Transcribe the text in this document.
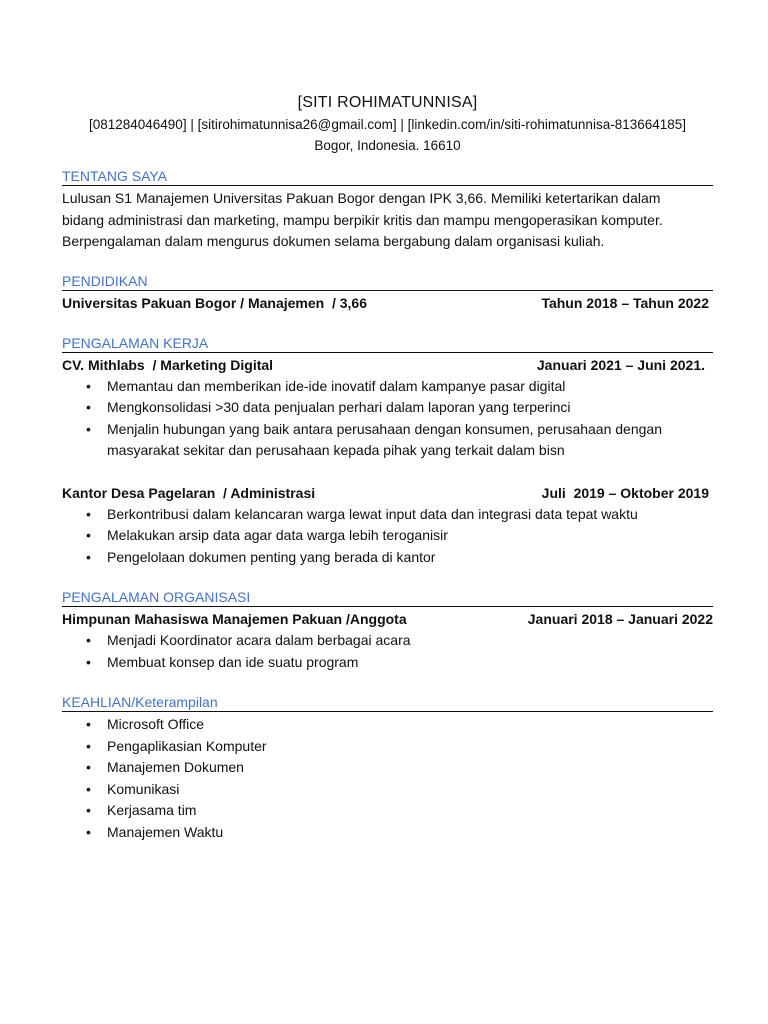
[SITI ROHIMATUNNISA]
[081284046490] | [sitirohimatunnisa26@gmail.com] | [linkedin.com/in/siti-rohimatunnisa-813664185]
Bogor, Indonesia. 16610
TENTANG SAYA
Lulusan S1 Manajemen Universitas Pakuan Bogor dengan IPK 3,66. Memiliki ketertarikan dalam
bidang administrasi dan marketing, mampu berpikir kritis dan mampu mengoperasikan komputer.
Berpengalaman dalam mengurus dokumen selama bergabung dalam organisasi kuliah.
PENDIDIKAN
Universitas Pakuan Bogor / Manajemen  / 3,66	Tahun 2018 – Tahun 2022
PENGALAMAN KERJA
CV. Mithlabs  / Marketing Digital	Januari 2021 – Juni 2021.
• Memantau dan memberikan ide-ide inovatif dalam kampanye pasar digital
• Mengkonsolidasi >30 data penjualan perhari dalam laporan yang terperinci
• Menjalin hubungan yang baik antara perusahaan dengan konsumen, perusahaan dengan
masyarakat sekitar dan perusahaan kepada pihak yang terkait dalam bisn
Kantor Desa Pagelaran  / Administrasi	Juli  2019 – Oktober 2019
• Berkontribusi dalam kelancaran warga lewat input data dan integrasi data tepat waktu
• Melakukan arsip data agar data warga lebih teroganisir
• Pengelolaan dokumen penting yang berada di kantor
PENGALAMAN ORGANISASI
Himpunan Mahasiswa Manajemen Pakuan /Anggota	Januari 2018 – Januari 2022
• Menjadi Koordinator acara dalam berbagai acara
• Membuat konsep dan ide suatu program
KEAHLIAN/Keterampilan
• Microsoft Office
• Pengaplikasian Komputer
• Manajemen Dokumen
• Komunikasi
• Kerjasama tim
• Manajemen Waktu
